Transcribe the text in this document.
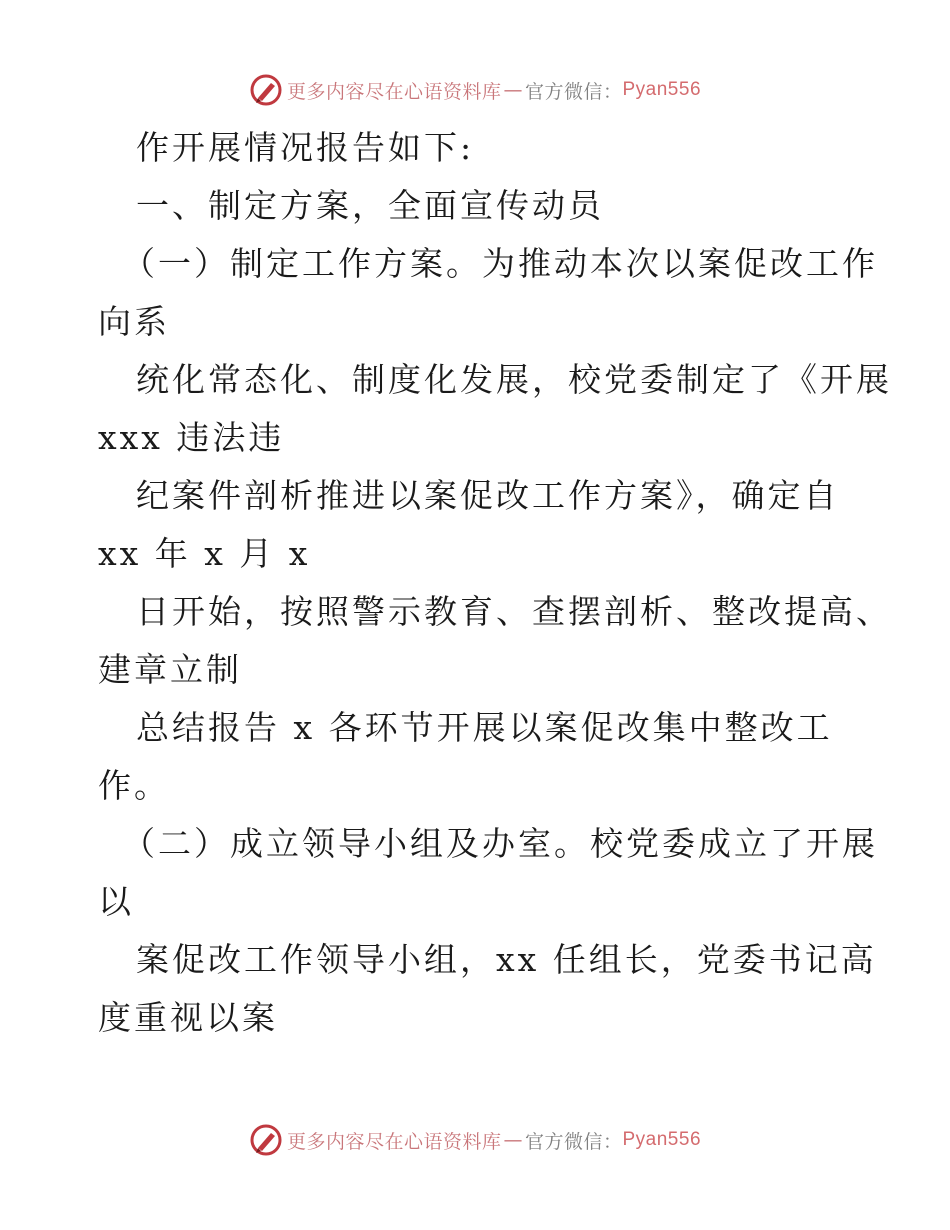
更多内容尽在心语资料库 — 官方微信： Pyan556
作开展情况报告如下:
一、制定方案，全面宣传动员
（一）制定工作方案。为推动本次以案促改工作
向系
统化常态化、制度化发展，校党委制定了《开展
xxx 违法违
纪案件剖析推进以案促改工作方案》，确定自
xx 年 x 月 x
日开始，按照警示教育、查摆剖析、整改提高、
建章立制
总结报告 x 各环节开展以案促改集中整改工
作。
（二）成立领导小组及办室。校党委成立了开展
以
案促改工作领导小组，xx 任组长，党委书记高
度重视以案
更多内容尽在心语资料库 — 官方微信： Pyan556
